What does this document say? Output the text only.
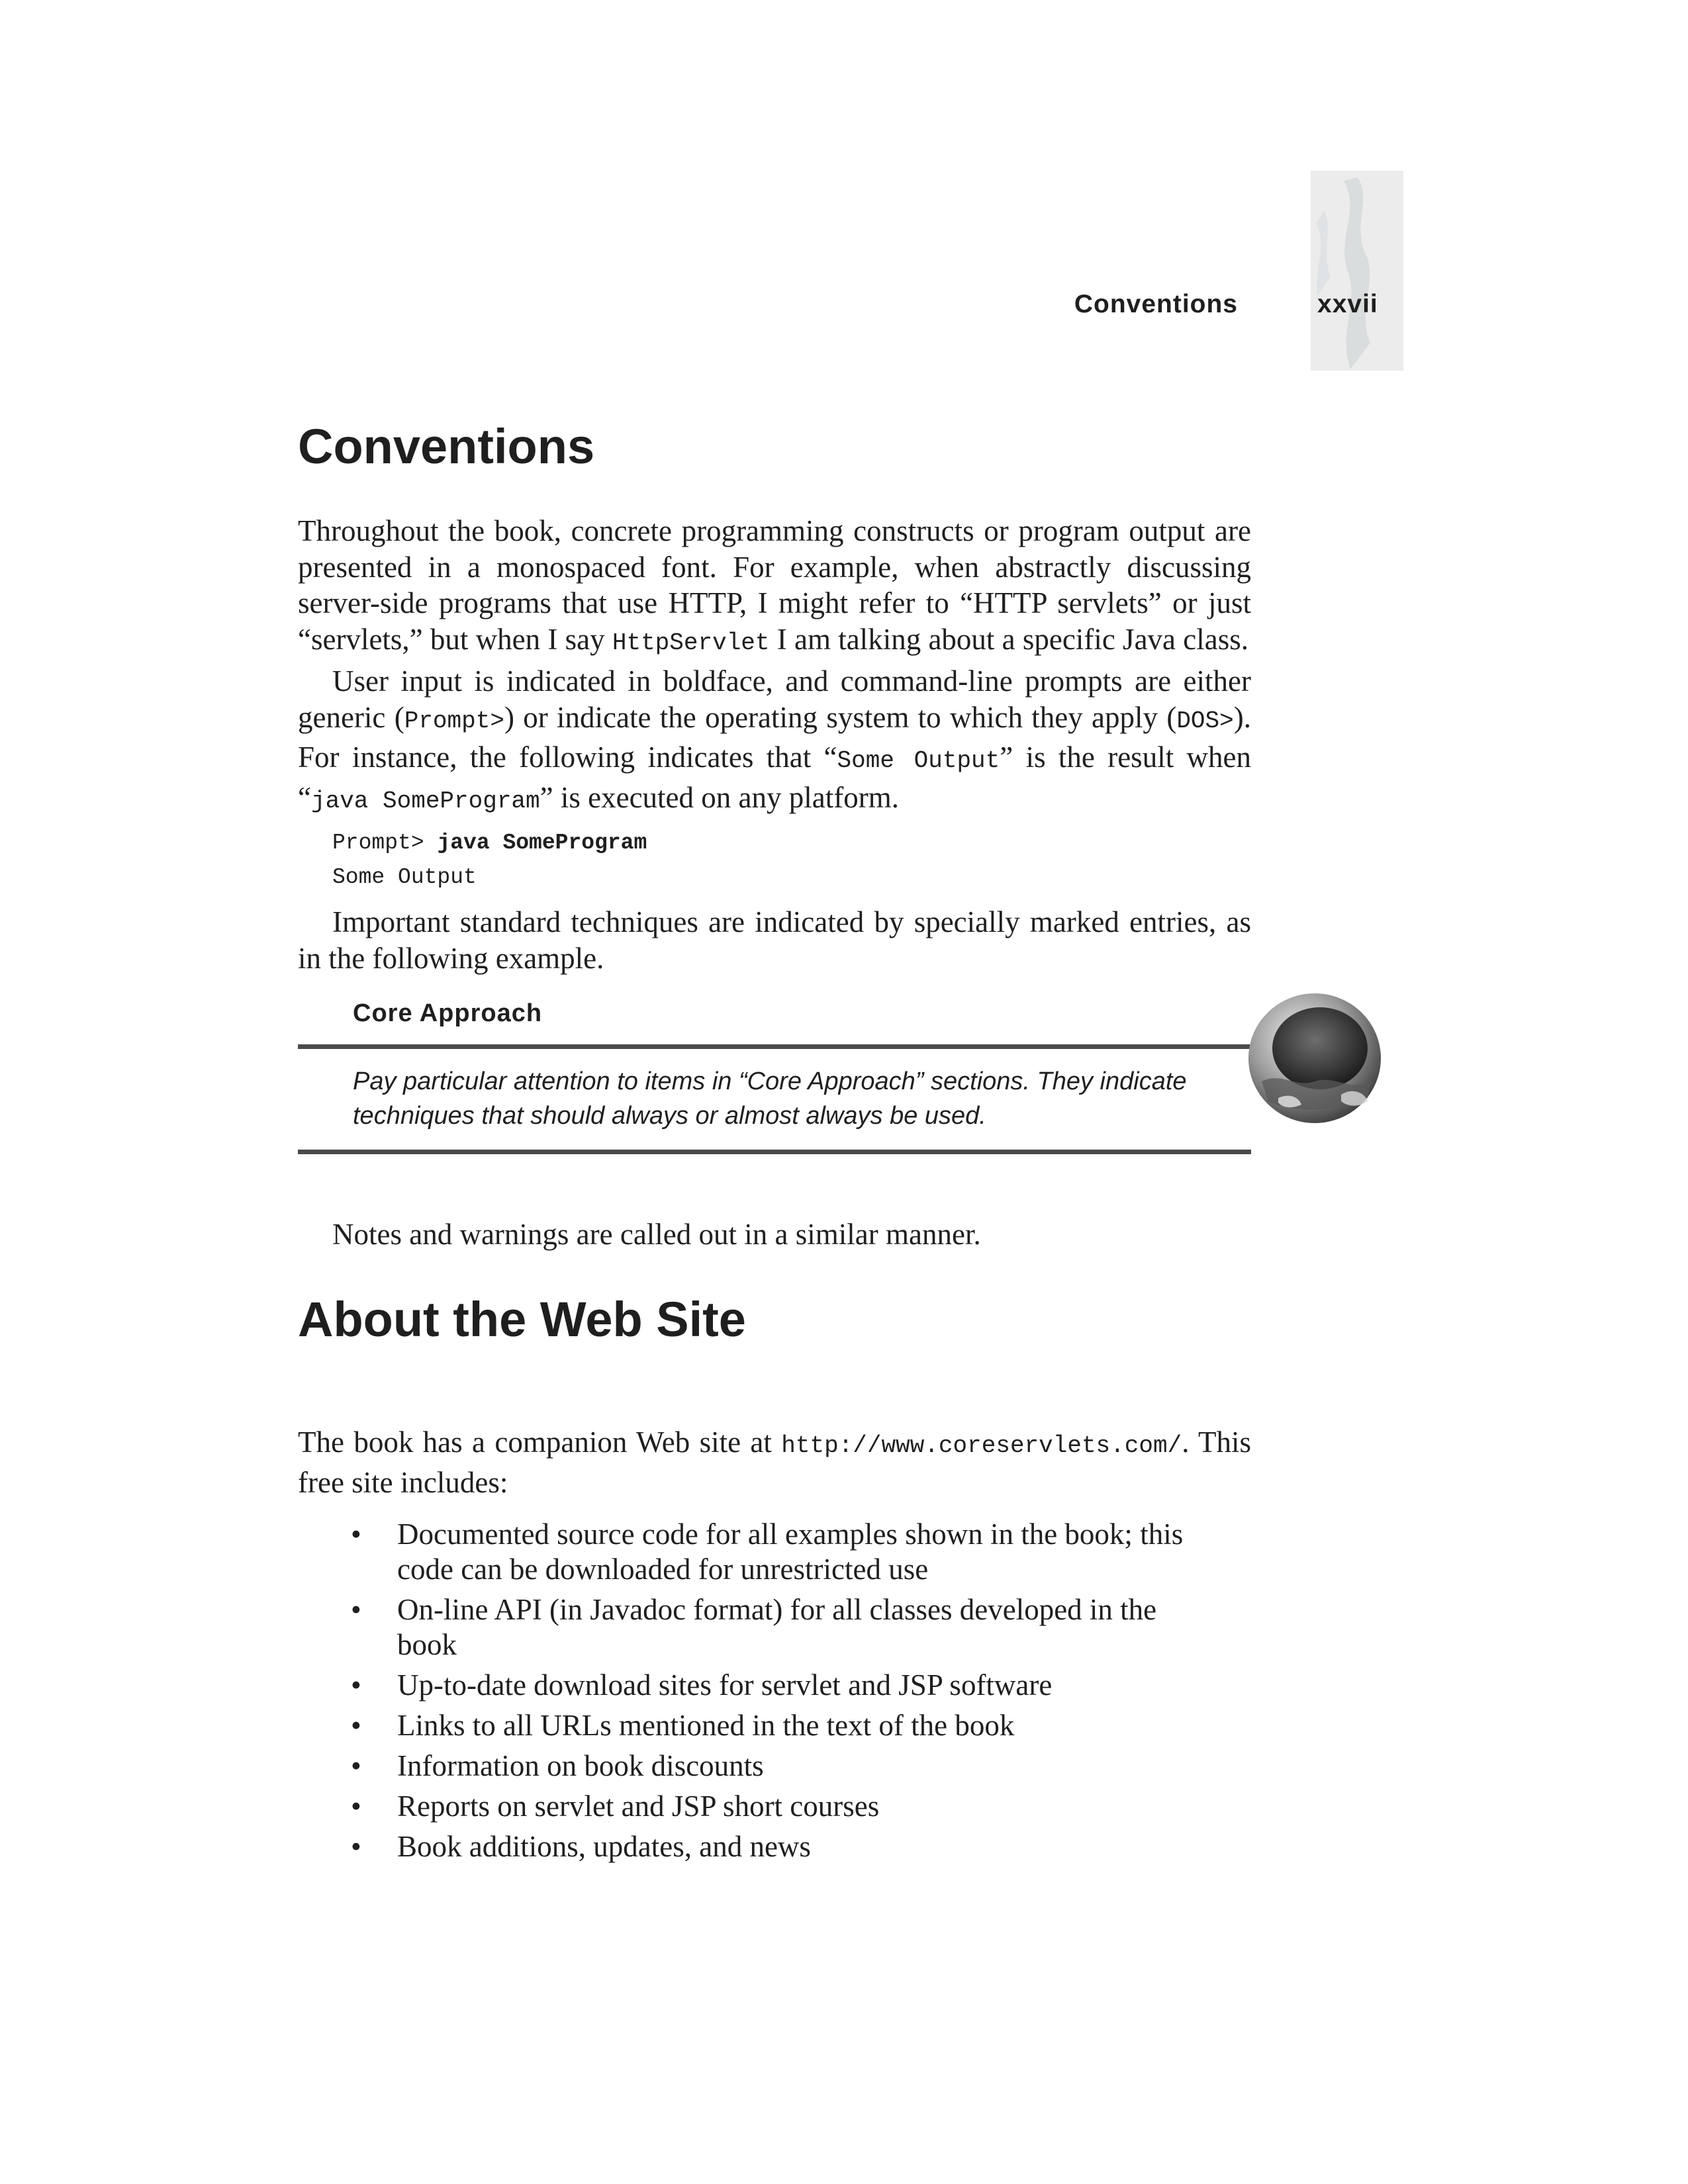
Conventions	xxvii
Conventions

Throughout the book, concrete programming constructs or program output are presented in a monospaced font. For example, when abstractly discussing server-side programs that use HTTP, I might refer to “HTTP servlets” or just “servlets,” but when I say HttpServlet I am talking about a specific Java class.

User input is indicated in boldface, and command-line prompts are either generic (Prompt>) or indicate the operating system to which they apply (DOS>). For instance, the following indicates that “Some Output” is the result when “java SomeProgram” is executed on any platform.

Prompt> java SomeProgram
Some Output

Important standard techniques are indicated by specially marked entries, as in the following example.

Core Approach
Pay particular attention to items in “Core Approach” sections. They indicate techniques that should always or almost always be used.

Notes and warnings are called out in a similar manner.

About the Web Site

The book has a companion Web site at http://www.coreservlets.com/. This free site includes:

• Documented source code for all examples shown in the book; this code can be downloaded for unrestricted use
• On-line API (in Javadoc format) for all classes developed in the book
• Up-to-date download sites for servlet and JSP software
• Links to all URLs mentioned in the text of the book
• Information on book discounts
• Reports on servlet and JSP short courses
• Book additions, updates, and news
